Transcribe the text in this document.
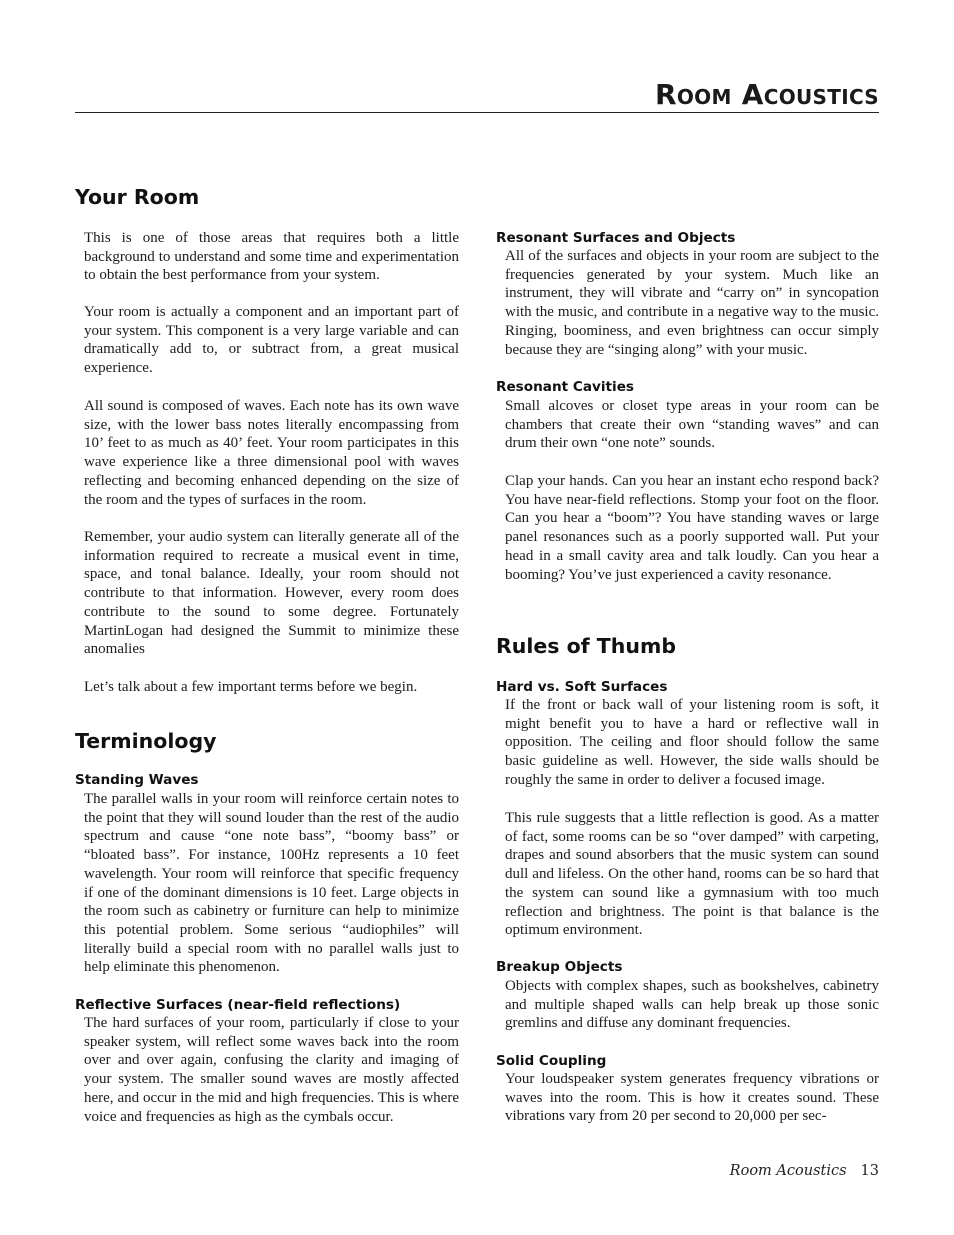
ROOM ACOUSTICS
Your Room
This is one of those areas that requires both a little background to understand and some time and experimentation to obtain the best performance from your system.
Your room is actually a component and an important part of your system. This component is a very large variable and can dramatically add to, or subtract from, a great musical experience.
All sound is composed of waves. Each note has its own wave size, with the lower bass notes literally encompassing from 10’ feet to as much as 40’ feet. Your room participates in this wave experience like a three dimensional pool with waves reflecting and becoming enhanced depending on the size of the room and the types of surfaces in the room.
Remember, your audio system can literally generate all of the information required to recreate a musical event in time, space, and tonal balance. Ideally, your room should not contribute to that information. However, every room does contribute to the sound to some degree. Fortunately MartinLogan had designed the Summit to minimize these anomalies
Let’s talk about a few important terms before we begin.
Terminology
Standing Waves
The parallel walls in your room will reinforce certain notes to the point that they will sound louder than the rest of the audio spectrum and cause “one note bass”, “boomy bass” or “bloated bass”. For instance, 100Hz represents a 10 feet wavelength. Your room will reinforce that specific frequency if one of the dominant dimensions is 10 feet. Large objects in the room such as cabinetry or furniture can help to minimize this potential problem. Some serious “audiophiles” will literally build a special room with no parallel walls just to help eliminate this phenomenon.
Reflective Surfaces (near-field reflections)
The hard surfaces of your room, particularly if close to your speaker system, will reflect some waves back into the room over and over again, confusing the clarity and imaging of your system. The smaller sound waves are mostly affected here, and occur in the mid and high frequencies. This is where voice and frequencies as high as the cymbals occur.
Resonant Surfaces and Objects
All of the surfaces and objects in your room are subject to the frequencies generated by your system. Much like an instrument, they will vibrate and “carry on” in syncopation with the music, and contribute in a negative way to the music. Ringing, boominess, and even brightness can occur simply because they are “singing along” with your music.
Resonant Cavities
Small alcoves or closet type areas in your room can be chambers that create their own “standing waves” and can drum their own “one note” sounds.
Clap your hands. Can you hear an instant echo respond back? You have near-field reflections. Stomp your foot on the floor. Can you hear a “boom”? You have standing waves or large panel resonances such as a poorly supported wall. Put your head in a small cavity area and talk loudly. Can you hear a booming? You’ve just experienced a cavity resonance.
Rules of Thumb
Hard vs. Soft Surfaces
If the front or back wall of your listening room is soft, it might benefit you to have a hard or reflective wall in opposition. The ceiling and floor should follow the same basic guideline as well. However, the side walls should be roughly the same in order to deliver a focused image.
This rule suggests that a little reflection is good. As a matter of fact, some rooms can be so “over damped” with carpeting, drapes and sound absorbers that the music system can sound dull and lifeless. On the other hand, rooms can be so hard that the system can sound like a gymnasium with too much reflection and brightness. The point is that balance is the optimum environment.
Breakup Objects
Objects with complex shapes, such as bookshelves, cabinetry and multiple shaped walls can help break up those sonic gremlins and diffuse any dominant frequencies.
Solid Coupling
Your loudspeaker system generates frequency vibrations or waves into the room. This is how it creates sound. These vibrations vary from 20 per second to 20,000 per sec-
Room Acoustics 13
